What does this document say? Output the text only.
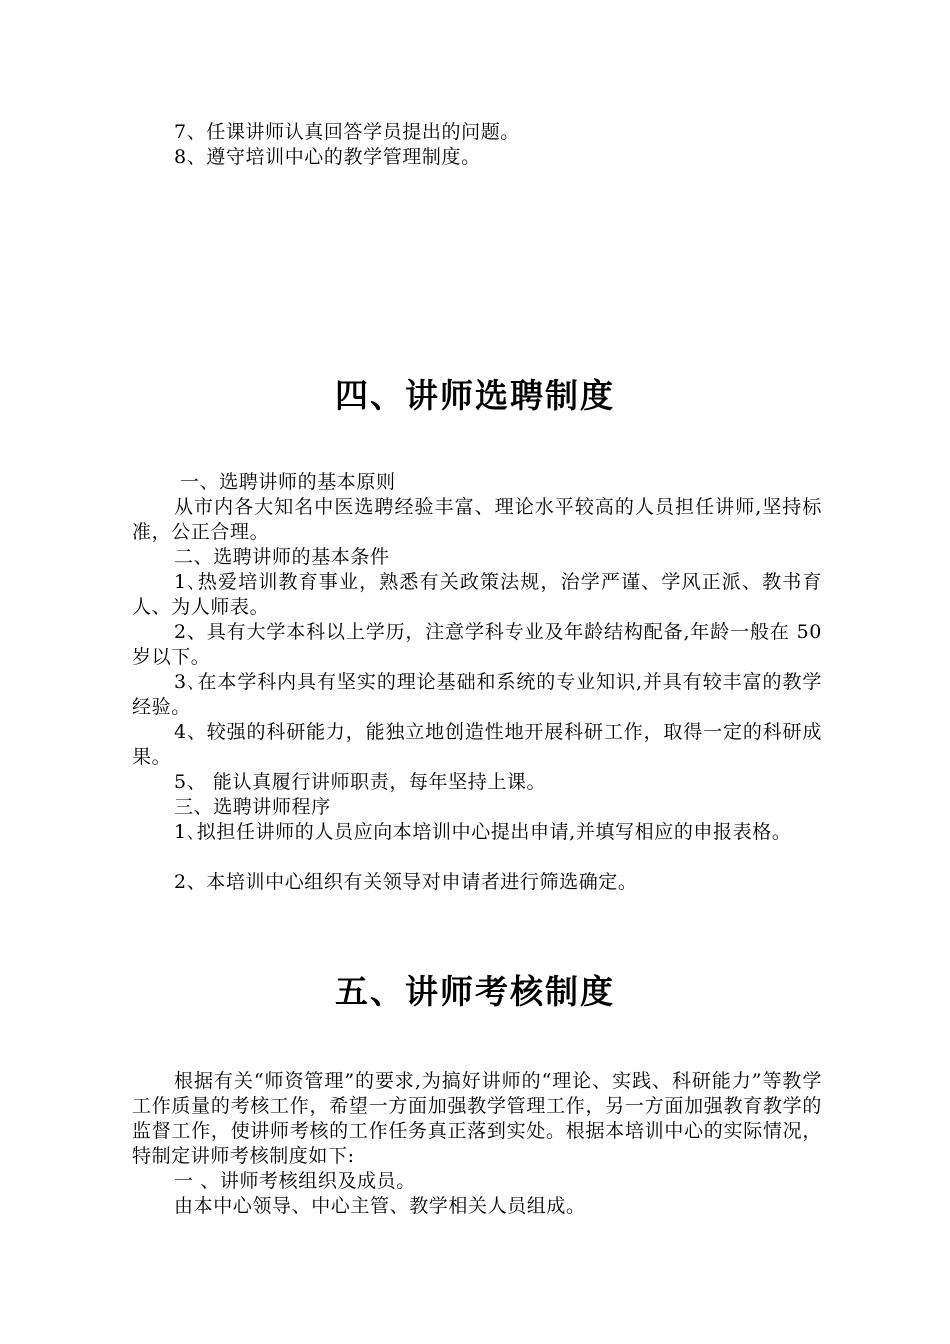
7、任课讲师认真回答学员提出的问题。
8、遵守培训中心的教学管理制度。
四、讲师选聘制度
一、选聘讲师的基本原则
从市内各大知名中医选聘经验丰富、理论水平较高的人员担任讲师,坚持标准，公正合理。
二、选聘讲师的基本条件
1､热爱培训教育事业，熟悉有关政策法规，治学严谨、学风正派、教书育人、为人师表。
2、具有大学本科以上学历，注意学科专业及年龄结构配备,年龄一般在 50 岁以下。
3､在本学科内具有坚实的理论基础和系统的专业知识,并具有较丰富的教学经验。
4、较强的科研能力，能独立地创造性地开展科研工作，取得一定的科研成果。
5、 能认真履行讲师职责，每年坚持上课。
三、选聘讲师程序
1､拟担任讲师的人员应向本培训中心提出申请,并填写相应的申报表格。
2、本培训中心组织有关领导对申请者进行筛选确定。
五、讲师考核制度
根据有关“师资管理”的要求,为搞好讲师的“理论、实践、科研能力”等教学工作质量的考核工作，希望一方面加强教学管理工作，另一方面加强教育教学的监督工作，使讲师考核的工作任务真正落到实处。根据本培训中心的实际情况，特制定讲师考核制度如下:
一 、讲师考核组织及成员。
由本中心领导、中心主管、教学相关人员组成。
